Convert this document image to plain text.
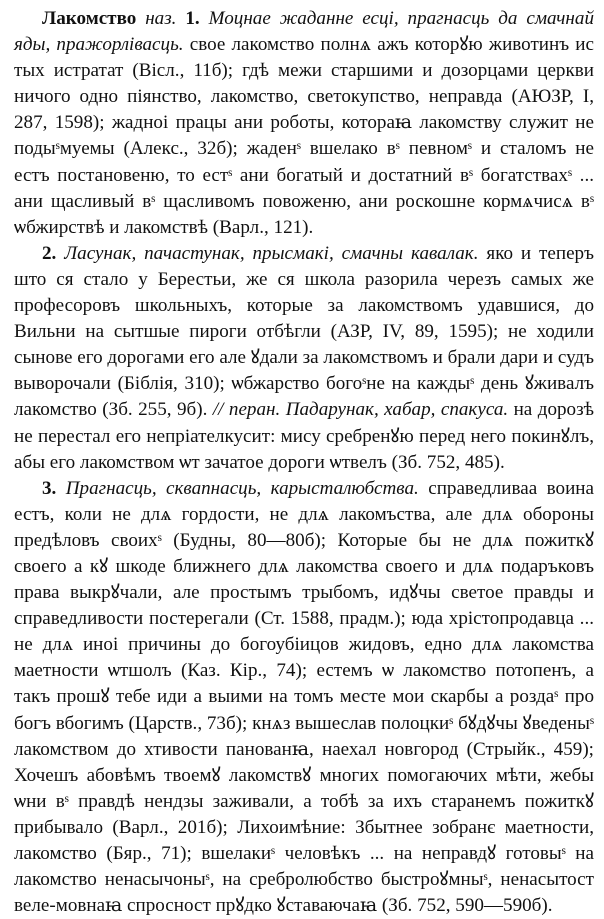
Лакомство наз. 1. Моцнае жаданне есці, прагнасць да смачнай яды, пражорлівасць. свое лакомство полнѧ ажъ которꙋю животинъ ис тых истратат (Вісл., 11б); гдѣ межи старшими и дозорцами церкви ничого одно пiянство, лакомство, светокупство, неправда (АЮЗР, I, 287, 1598); жадноі працы ани роботы, котораꙗ лакомству служит не подыˢмуемы (Алекс., 32б); жаденˢ вшелако вˢ певномˢ и сталомъ не естъ постановеню, то естˢ ани богатый и достатний вˢ богатствахˢ ... ани щасливый вˢ щасливомъ повоженю, ани роскошне кормѧчисѧ вˢ ѡбжирствѣ и лакомствѣ (Варл., 121).

2. Ласунак, пачастунак, прысмакі, смачны кавалак. яко и теперъ што ся стало у Берестьи, же ся школа разорила черезъ самых же професоровъ школьныхъ, которые за лакомствомъ удавшися, до Вильни на сытшые пироги отбѣгли (АЗР, IV, 89, 1595); не ходили сынове его дорогами его але ꙋдали за лакомствомъ и брали дари и судъ выворочали (Біблія, 310); ѡбжарство богоˢне на каждыˢ день ꙋживалъ лакомство (Зб. 255, 9б). // перан. Падарунак, хабар, спакуса. на дорозѣ не перестал его непрiателкусит: мису сребренꙋю перед него покинꙋлъ, абы его лакомством ѡт зачатое дороги ѡтвелъ (Зб. 752, 485).

3. Прагнасць, сквапнасць, карысталюбства. справедливаа воина естъ, коли не длѧ гордости, не длѧ лакомъства, але длѧ обороны предѣловъ своихˢ (Будны, 80—80б); Которые бы не длѧ пожиткꙋ своего а кꙋ шкоде ближнего длѧ лакомства своего и длѧ подаръковъ права выкрꙋчали, але простымъ трыбомъ, идꙋчы светое правды и справедливости постерегали (Ст. 1588, прадм.); юда хрiстопродавца ... не длѧ иноі причины до богоубiицов жидовъ, едно длѧ лакомства маетности ѡтшолъ (Каз. Кір., 74); естемъ ѡ лакомство потопенъ, а такъ прошꙋ тебе иди а выими на томъ месте мои скарбы а роздаˢ про богъ вбогимъ (Царств., 73б); кнѧз вышеслав полоцкиˢ бꙋдꙋчы ꙋведеныˢ лакомством до хтивости панованꙗ, наехал новгород (Стрыйк., 459); Хочешъ абовѣмъ твоемꙋ лакомствꙋ многих помогаючих мѣти, жебы ѡни вˢ правдѣ нендзы заживали, а тобѣ за ихъ старанемъ пожиткꙋ прибывало (Варл., 201б); Лихоимѣние: Збытнее зобранє маетности, лакомство (Бяр., 71); вшелакиˢ человѣкъ ... на неправдꙋ готовыˢ на лакомство ненасычоныˢ, на сребролюбство быстроꙋмныˢ, ненасытост веле-мовнаꙗ спросност прꙋдко ꙋставаючаꙗ (Зб. 752, 590—590б).
